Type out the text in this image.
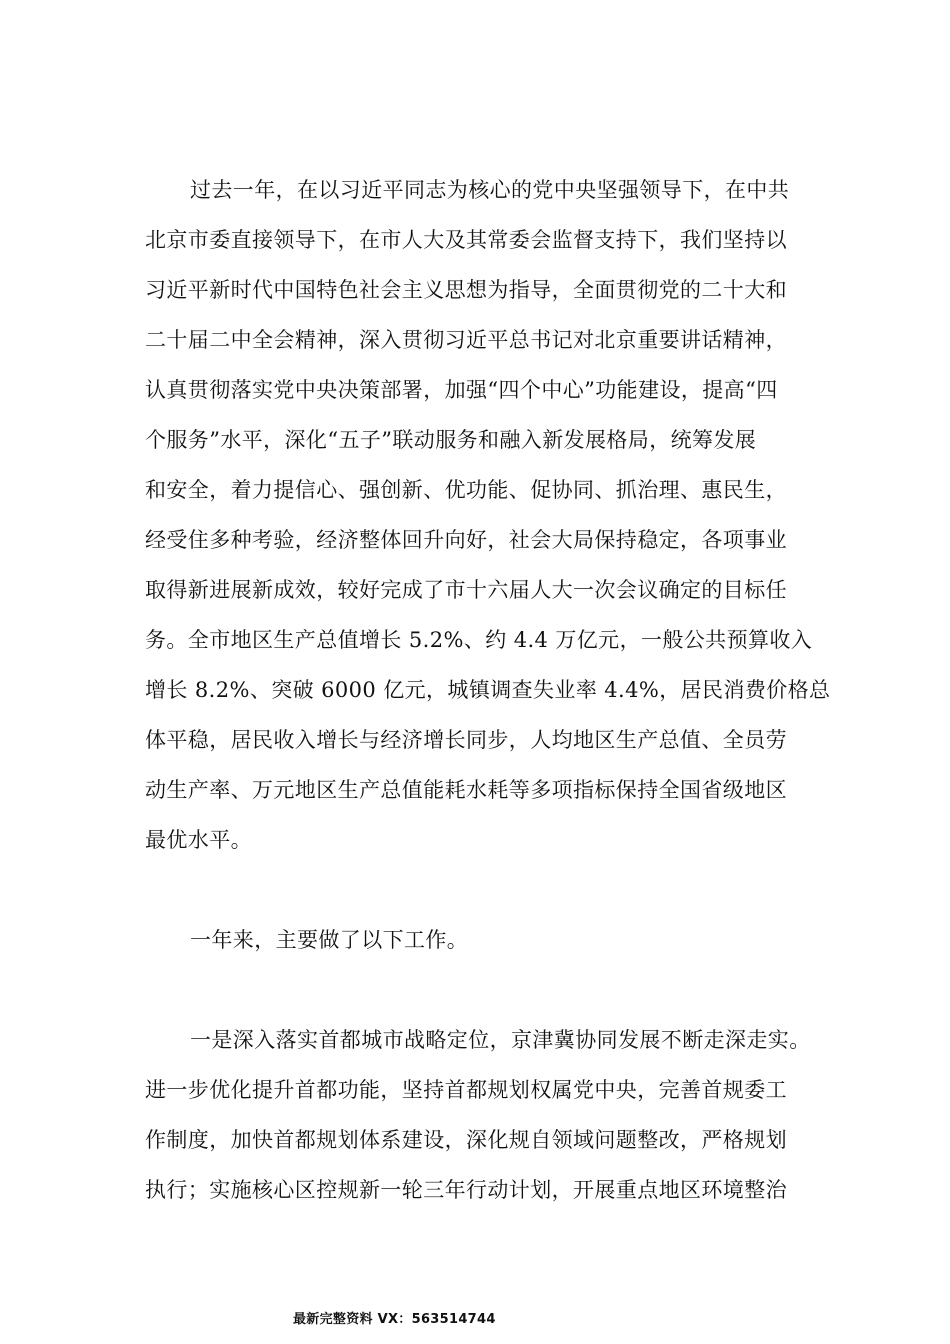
过去一年，在以习近平同志为核心的党中央坚强领导下，在中共
北京市委直接领导下，在市人大及其常委会监督支持下，我们坚持以
习近平新时代中国特色社会主义思想为指导，全面贯彻党的二十大和
二十届二中全会精神，深入贯彻习近平总书记对北京重要讲话精神，
认真贯彻落实党中央决策部署，加强“四个中心”功能建设，提高“四
个服务”水平，深化“五子”联动服务和融入新发展格局，统筹发展
和安全，着力提信心、强创新、优功能、促协同、抓治理、惠民生，
经受住多种考验，经济整体回升向好，社会大局保持稳定，各项事业
取得新进展新成效，较好完成了市十六届人大一次会议确定的目标任
务。全市地区生产总值增长 5.2%、约 4.4 万亿元，一般公共预算收入
增长 8.2%、突破 6000 亿元，城镇调查失业率 4.4%，居民消费价格总
体平稳，居民收入增长与经济增长同步，人均地区生产总值、全员劳
动生产率、万元地区生产总值能耗水耗等多项指标保持全国省级地区
最优水平。
一年来，主要做了以下工作。
一是深入落实首都城市战略定位，京津冀协同发展不断走深走实。
进一步优化提升首都功能，坚持首都规划权属党中央，完善首规委工
作制度，加快首都规划体系建设，深化规自领域问题整改，严格规划
执行；实施核心区控规新一轮三年行动计划，开展重点地区环境整治
最新完整资料 VX：563514744
